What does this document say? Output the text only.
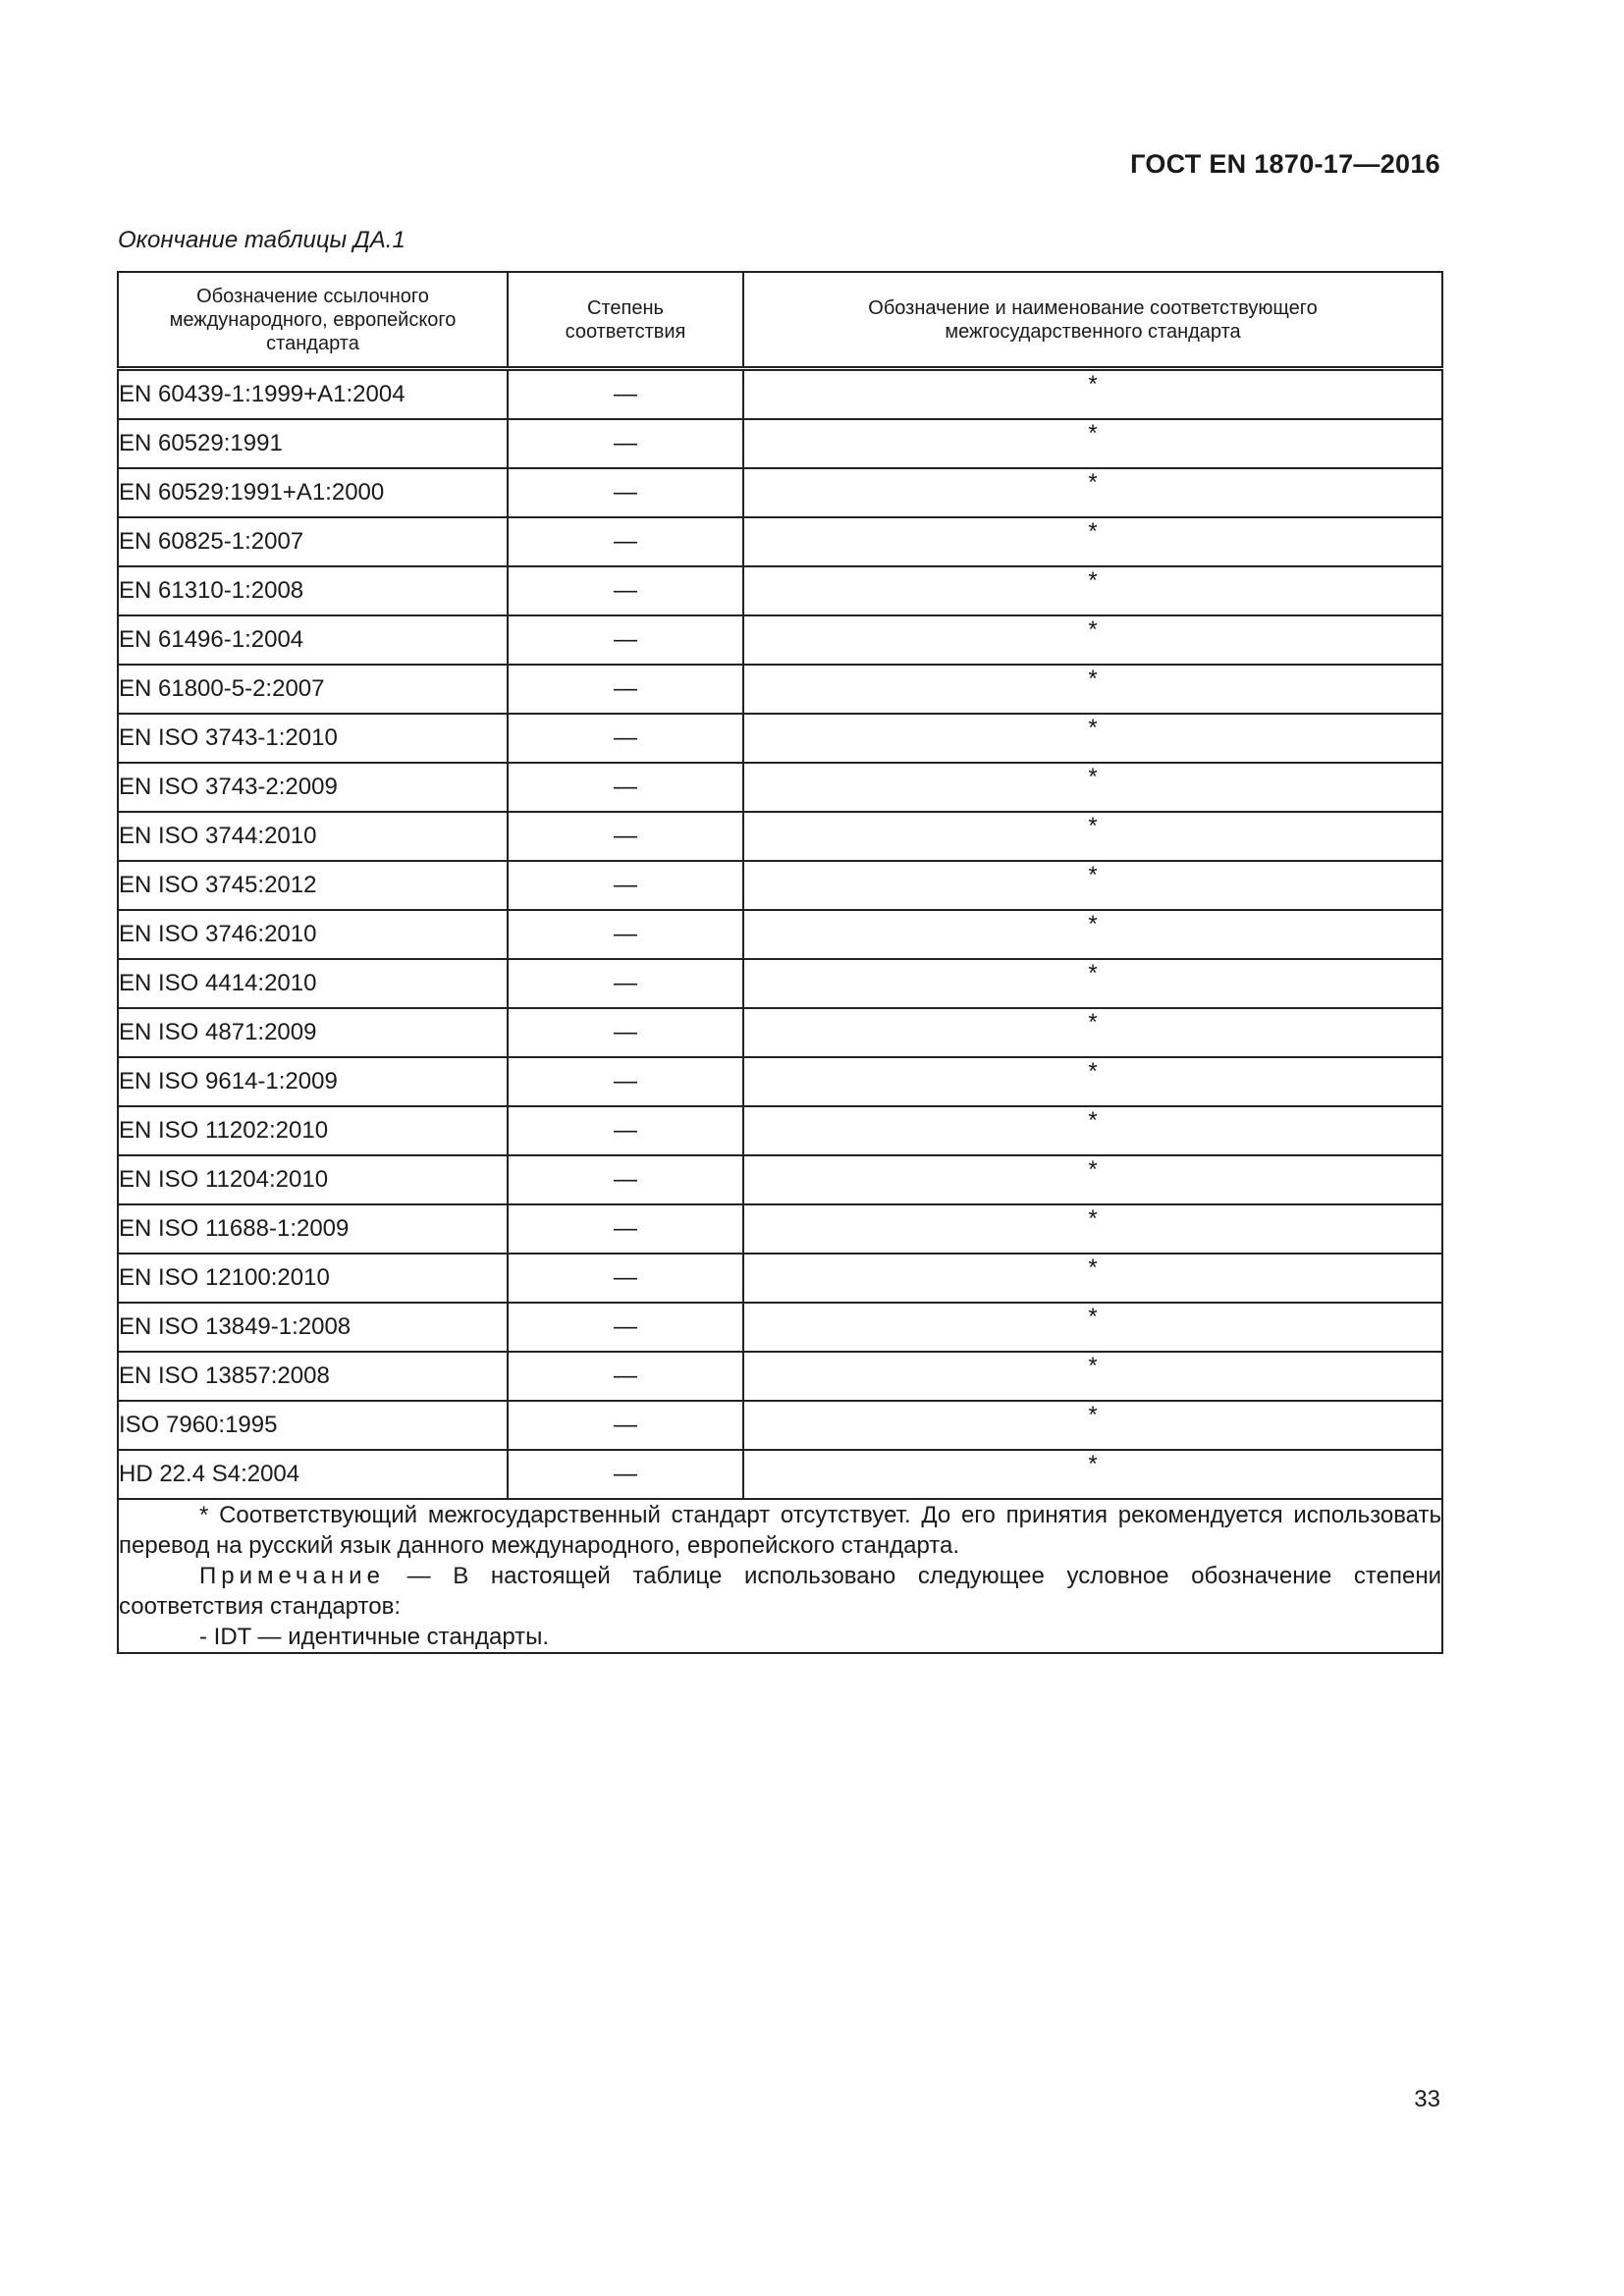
ГОСТ EN 1870-17—2016
Окончание таблицы ДА.1
Обозначение ссылочного международного, европейского стандарта	Степень соответствия	Обозначение и наименование соответствующего межгосударственного стандарта
EN 60439-1:1999+A1:2004	—	*
EN 60529:1991	—	*
EN 60529:1991+A1:2000	—	*
EN 60825-1:2007	—	*
EN 61310-1:2008	—	*
EN 61496-1:2004	—	*
EN 61800-5-2:2007	—	*
EN ISO 3743-1:2010	—	*
EN ISO 3743-2:2009	—	*
EN ISO 3744:2010	—	*
EN ISO 3745:2012	—	*
EN ISO 3746:2010	—	*
EN ISO 4414:2010	—	*
EN ISO 4871:2009	—	*
EN ISO 9614-1:2009	—	*
EN ISO 11202:2010	—	*
EN ISO 11204:2010	—	*
EN ISO 11688-1:2009	—	*
EN ISO 12100:2010	—	*
EN ISO 13849-1:2008	—	*
EN ISO 13857:2008	—	*
ISO 7960:1995	—	*
HD 22.4 S4:2004	—	*

* Соответствующий межгосударственный стандарт отсутствует. До его принятия рекомендуется использовать перевод на русский язык данного международного, европейского стандарта.
Примечание — В настоящей таблице использовано следующее условное обозначение степени соответствия стандартов:
- IDT — идентичные стандарты.		
33
